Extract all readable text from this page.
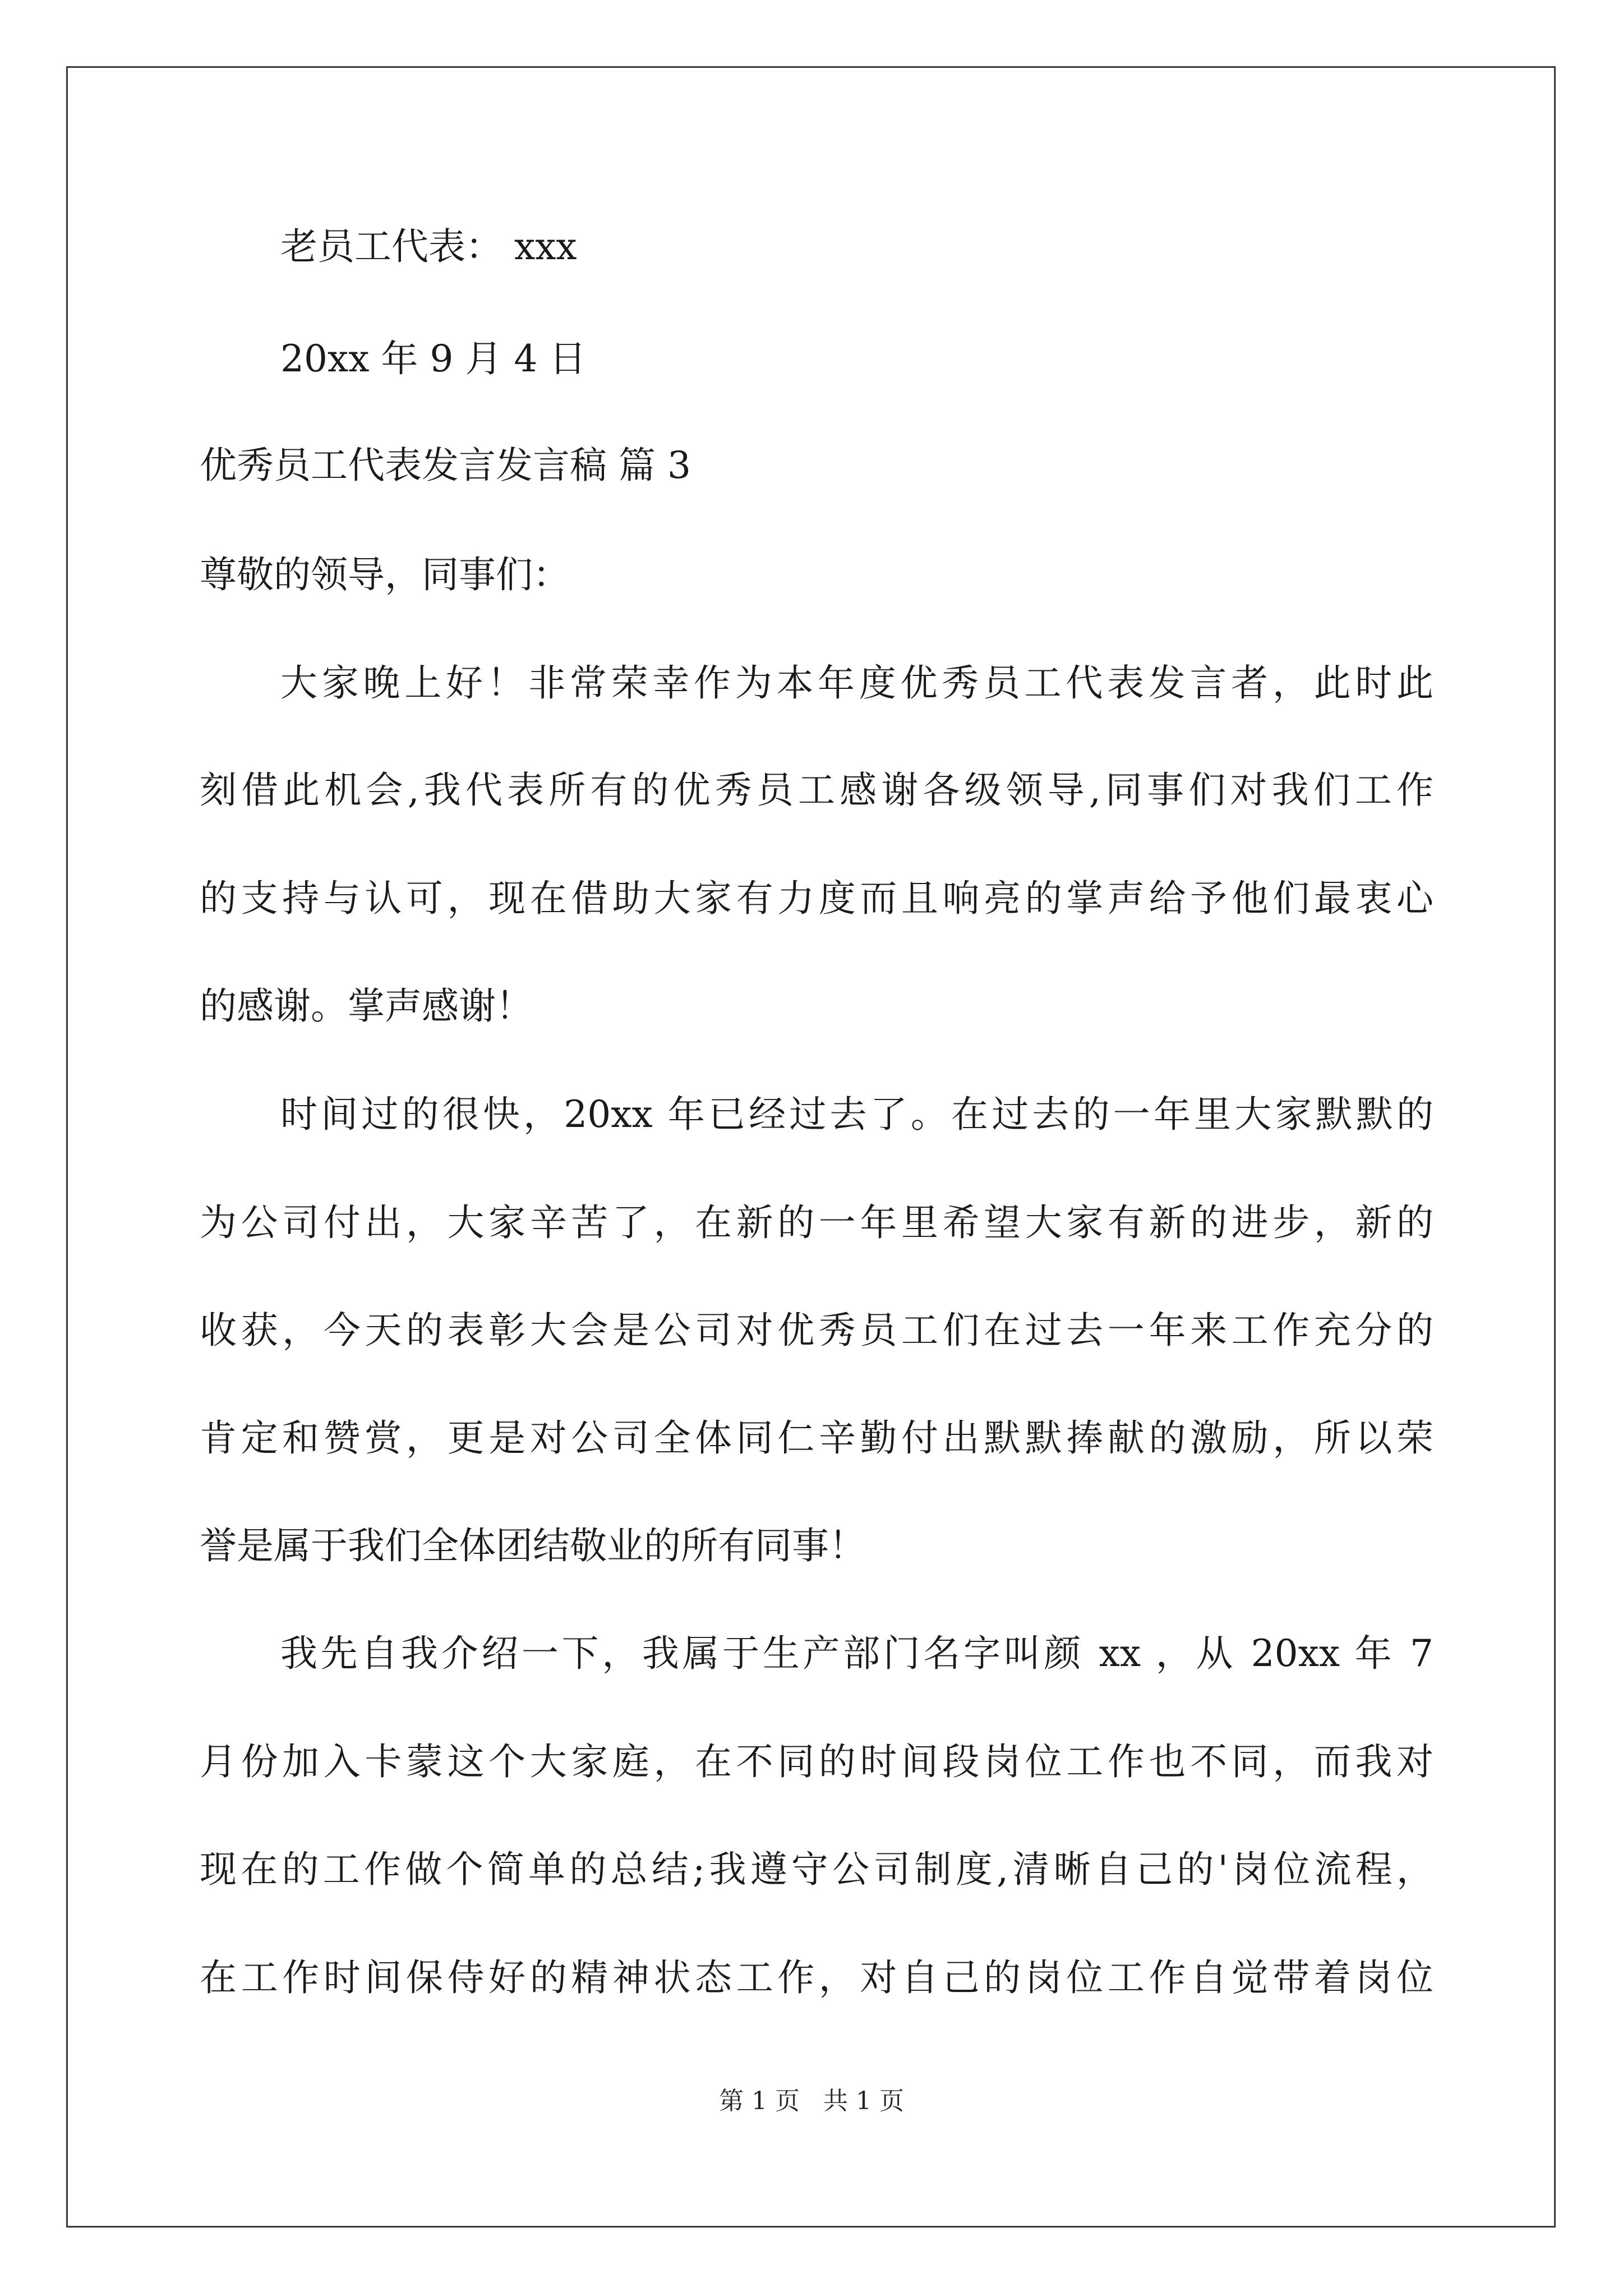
老员工代表： xxx
20xx 年 9 月 4 日
优秀员工代表发言发言稿 篇 3
尊敬的领导，同事们：
大家晚上好！非常荣幸作为本年度优秀员工代表发言者，此时此
刻借此机会,我代表所有的优秀员工感谢各级领导,同事们对我们工作
的支持与认可，现在借助大家有力度而且响亮的掌声给予他们最衷心
的感谢。掌声感谢！
时间过的很快，20xx 年已经过去了。在过去的一年里大家默默的
为公司付出，大家辛苦了，在新的一年里希望大家有新的进步，新的
收获，今天的表彰大会是公司对优秀员工们在过去一年来工作充分的
肯定和赞赏，更是对公司全体同仁辛勤付出默默捧献的激励，所以荣
誉是属于我们全体团结敬业的所有同事！
我先自我介绍一下，我属于生产部门名字叫颜 xx ，从 20xx 年 7
月份加入卡蒙这个大家庭，在不同的时间段岗位工作也不同，而我对
现在的工作做个简单的总结;我遵守公司制度,清晰自己的'岗位流程，
在工作时间保侍好的精神状态工作，对自己的岗位工作自觉带着岗位
第 1 页 共 1 页
